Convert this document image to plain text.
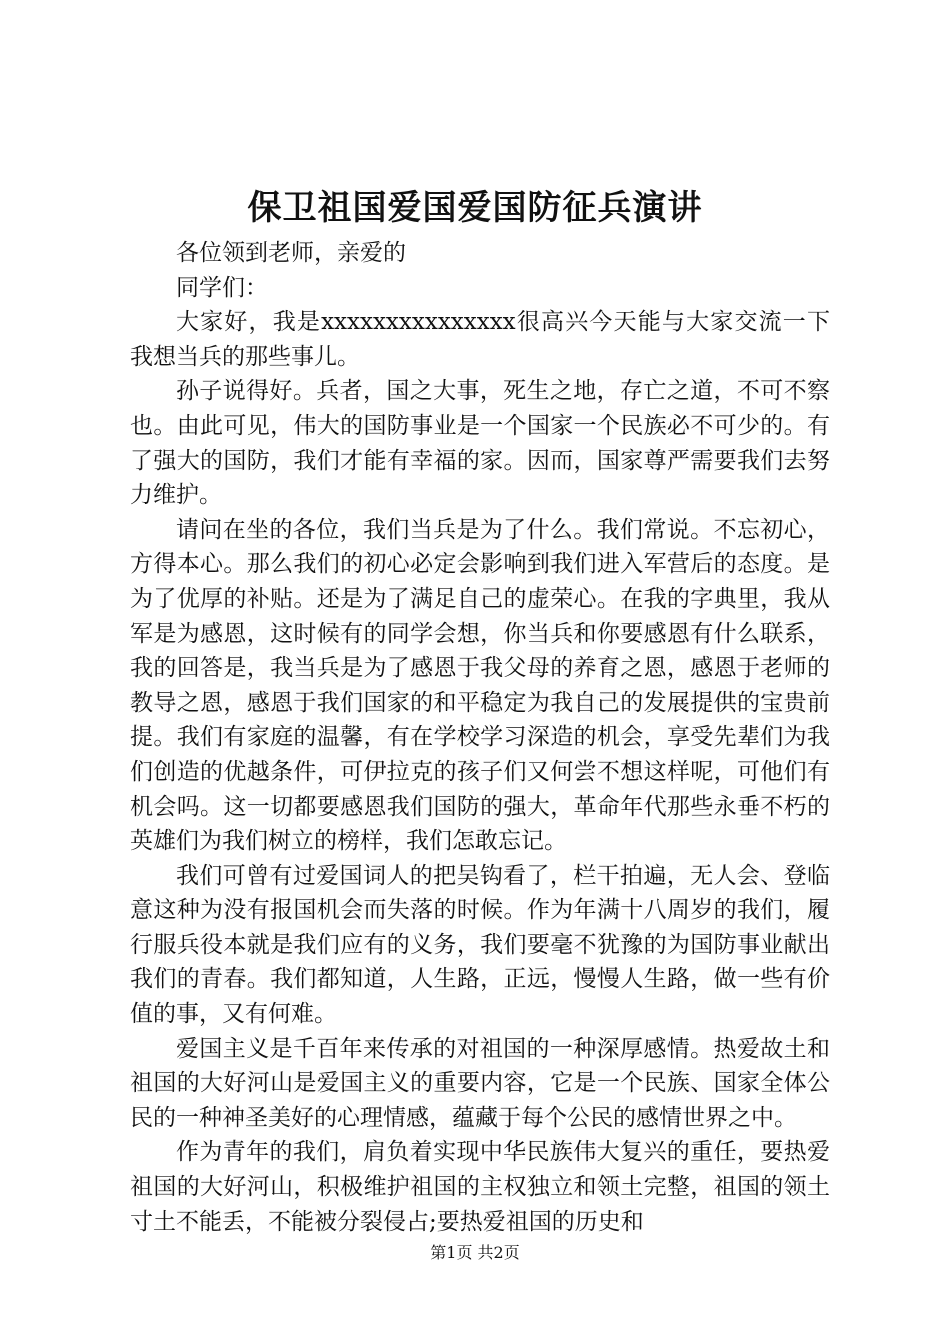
保卫祖国爱国爱国防征兵演讲

各位领到老师，亲爱的

同学们：

大家好，我是xxxxxxxxxxxxxxx很高兴今天能与大家交流一下我想当兵的那些事儿。

孙子说得好。兵者，国之大事，死生之地，存亡之道，不可不察也。由此可见，伟大的国防事业是一个国家一个民族必不可少的。有了强大的国防，我们才能有幸福的家。因而，国家尊严需要我们去努力维护。

请问在坐的各位，我们当兵是为了什么。我们常说。不忘初心，方得本心。那么我们的初心必定会影响到我们进入军营后的态度。是为了优厚的补贴。还是为了满足自己的虚荣心。在我的字典里，我从军是为感恩，这时候有的同学会想，你当兵和你要感恩有什么联系，我的回答是，我当兵是为了感恩于我父母的养育之恩，感恩于老师的教导之恩，感恩于我们国家的和平稳定为我自己的发展提供的宝贵前提。我们有家庭的温馨，有在学校学习深造的机会，享受先辈们为我们创造的优越条件，可伊拉克的孩子们又何尝不想这样呢，可他们有机会吗。这一切都要感恩我们国防的强大，革命年代那些永垂不朽的英雄们为我们树立的榜样，我们怎敢忘记。

我们可曾有过爱国词人的把吴钩看了，栏干拍遍，无人会、登临意这种为没有报国机会而失落的时候。作为年满十八周岁的我们，履行服兵役本就是我们应有的义务，我们要毫不犹豫的为国防事业献出我们的青春。我们都知道，人生路，正远，慢慢人生路，做一些有价值的事，又有何难。

爱国主义是千百年来传承的对祖国的一种深厚感情。热爱故土和祖国的大好河山是爱国主义的重要内容，它是一个民族、国家全体公民的一种神圣美好的心理情感，蕴藏于每个公民的感情世界之中。

作为青年的我们，肩负着实现中华民族伟大复兴的重任，要热爱祖国的大好河山，积极维护祖国的主权独立和领土完整，祖国的领土寸土不能丢，不能被分裂侵占;要热爱祖国的历史和

第1页 共2页
